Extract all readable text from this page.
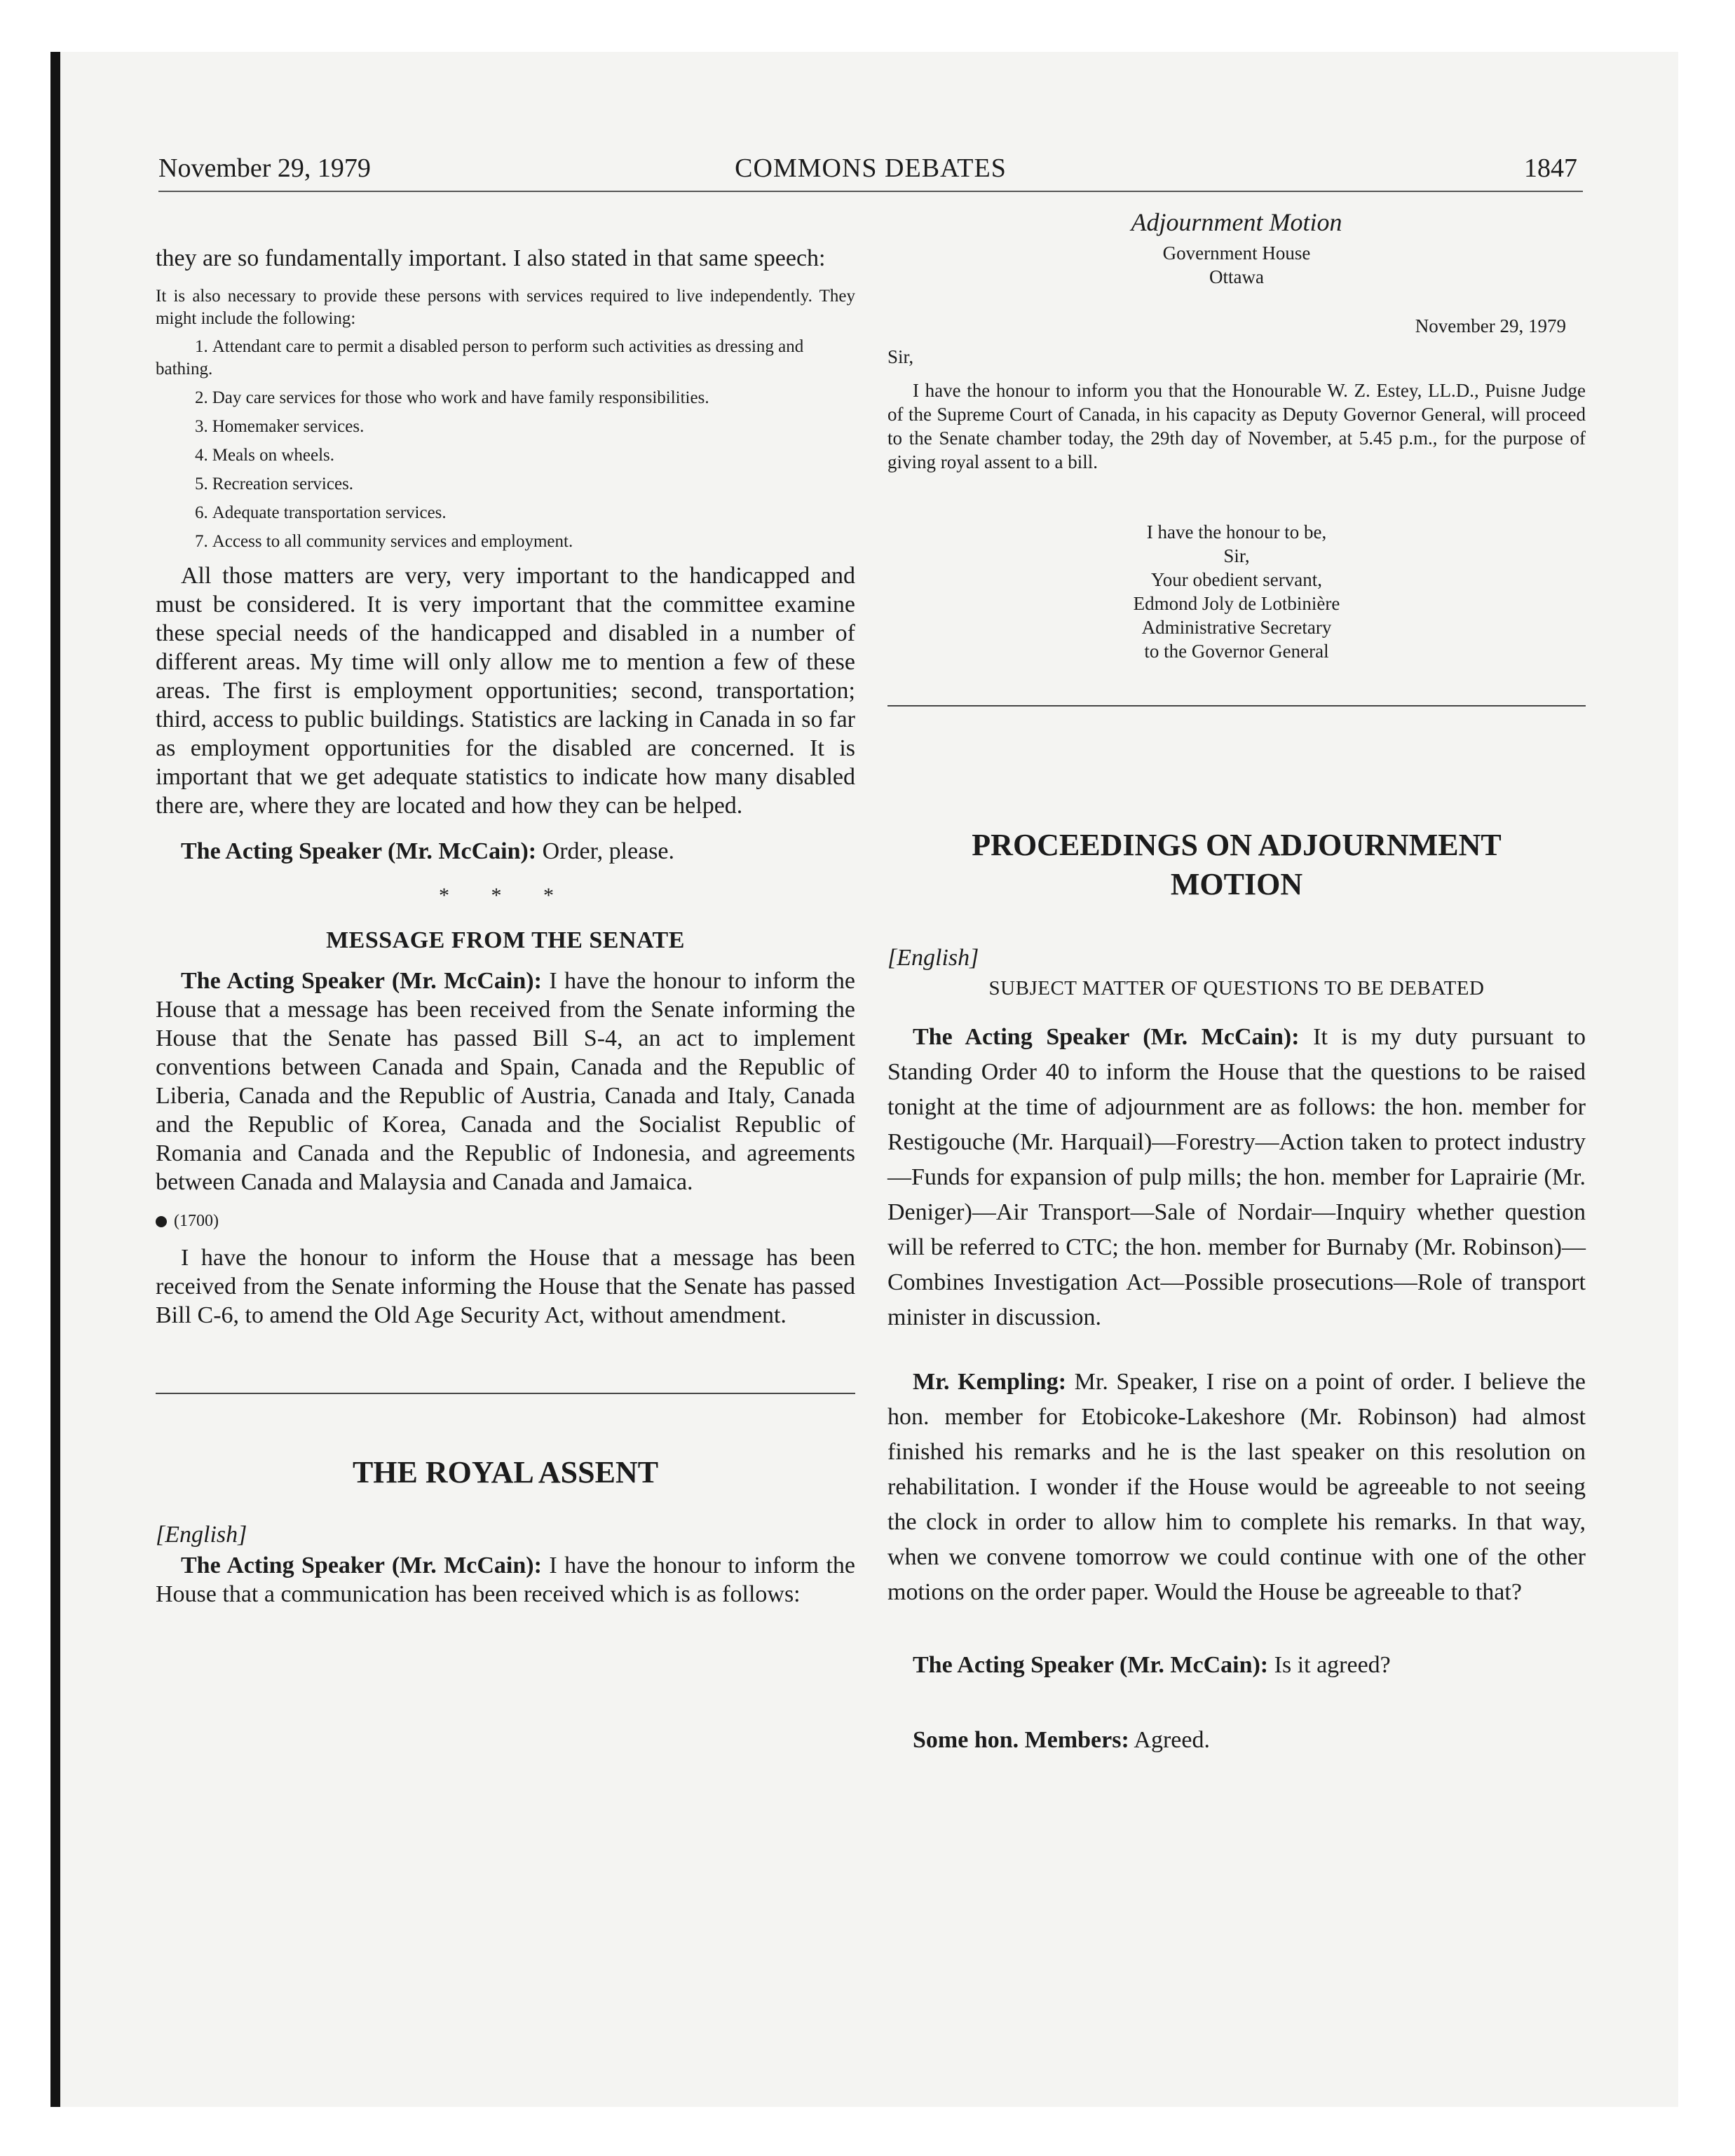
November 29, 1979	COMMONS DEBATES	1847

they are so fundamentally important. I also stated in that same speech:

It is also necessary to provide these persons with services required to live independently. They might include the following:

1. Attendant care to permit a disabled person to perform such activities as dressing and bathing.
2. Day care services for those who work and have family responsibilities.
3. Homemaker services.
4. Meals on wheels.
5. Recreation services.
6. Adequate transportation services.
7. Access to all community services and employment.

All those matters are very, very important to the handicapped and must be considered. It is very important that the committee examine these special needs of the handicapped and disabled in a number of different areas. My time will only allow me to mention a few of these areas. The first is employment opportunities; second, transportation; third, access to public buildings. Statistics are lacking in Canada in so far as employment opportunities for the disabled are concerned. It is important that we get adequate statistics to indicate how many disabled there are, where they are located and how they can be helped.

The Acting Speaker (Mr. McCain): Order, please.

* * *
MESSAGE FROM THE SENATE

The Acting Speaker (Mr. McCain): I have the honour to inform the House that a message has been received from the Senate informing the House that the Senate has passed Bill S-4, an act to implement conventions between Canada and Spain, Canada and the Republic of Liberia, Canada and the Republic of Austria, Canada and Italy, Canada and the Republic of Korea, Canada and the Socialist Republic of Romania and Canada and the Republic of Indonesia, and agreements between Canada and Malaysia and Canada and Jamaica.

(1700)

I have the honour to inform the House that a message has been received from the Senate informing the House that the Senate has passed Bill C-6, to amend the Old Age Security Act, without amendment.

THE ROYAL ASSENT

[English]

The Acting Speaker (Mr. McCain): I have the honour to inform the House that a communication has been received which is as follows:

Adjournment Motion

Government House

Ottawa

November 29, 1979

Sir,

I have the honour to inform you that the Honourable W. Z. Estey, LL.D., Puisne Judge of the Supreme Court of Canada, in his capacity as Deputy Governor General, will proceed to the Senate chamber today, the 29th day of November, at 5.45 p.m., for the purpose of giving royal assent to a bill.

I have the honour to be,

Sir,

Your obedient servant,

Edmond Joly de Lotbinière

Administrative Secretary

to the Governor General

PROCEEDINGS ON ADJOURNMENT

MOTION

[English]

SUBJECT MATTER OF QUESTIONS TO BE DEBATED

The Acting Speaker (Mr. McCain): It is my duty pursuant to Standing Order 40 to inform the House that the questions to be raised tonight at the time of adjournment are as follows: the hon. member for Restigouche (Mr. Harquail)—Forestry—Action taken to protect industry—Funds for expansion of pulp mills; the hon. member for Laprairie (Mr. Deniger)—Air Transport—Sale of Nordair—Inquiry whether question will be referred to CTC; the hon. member for Burnaby (Mr. Robinson)—Combines Investigation Act—Possible prosecutions—Role of transport minister in discussion.

Mr. Kempling: Mr. Speaker, I rise on a point of order. I believe the hon. member for Etobicoke-Lakeshore (Mr. Robinson) had almost finished his remarks and he is the last speaker on this resolution on rehabilitation. I wonder if the House would be agreeable to not seeing the clock in order to allow him to complete his remarks. In that way, when we convene tomorrow we could continue with one of the other motions on the order paper. Would the House be agreeable to that?

The Acting Speaker (Mr. McCain): Is it agreed?

Some hon. Members: Agreed.
